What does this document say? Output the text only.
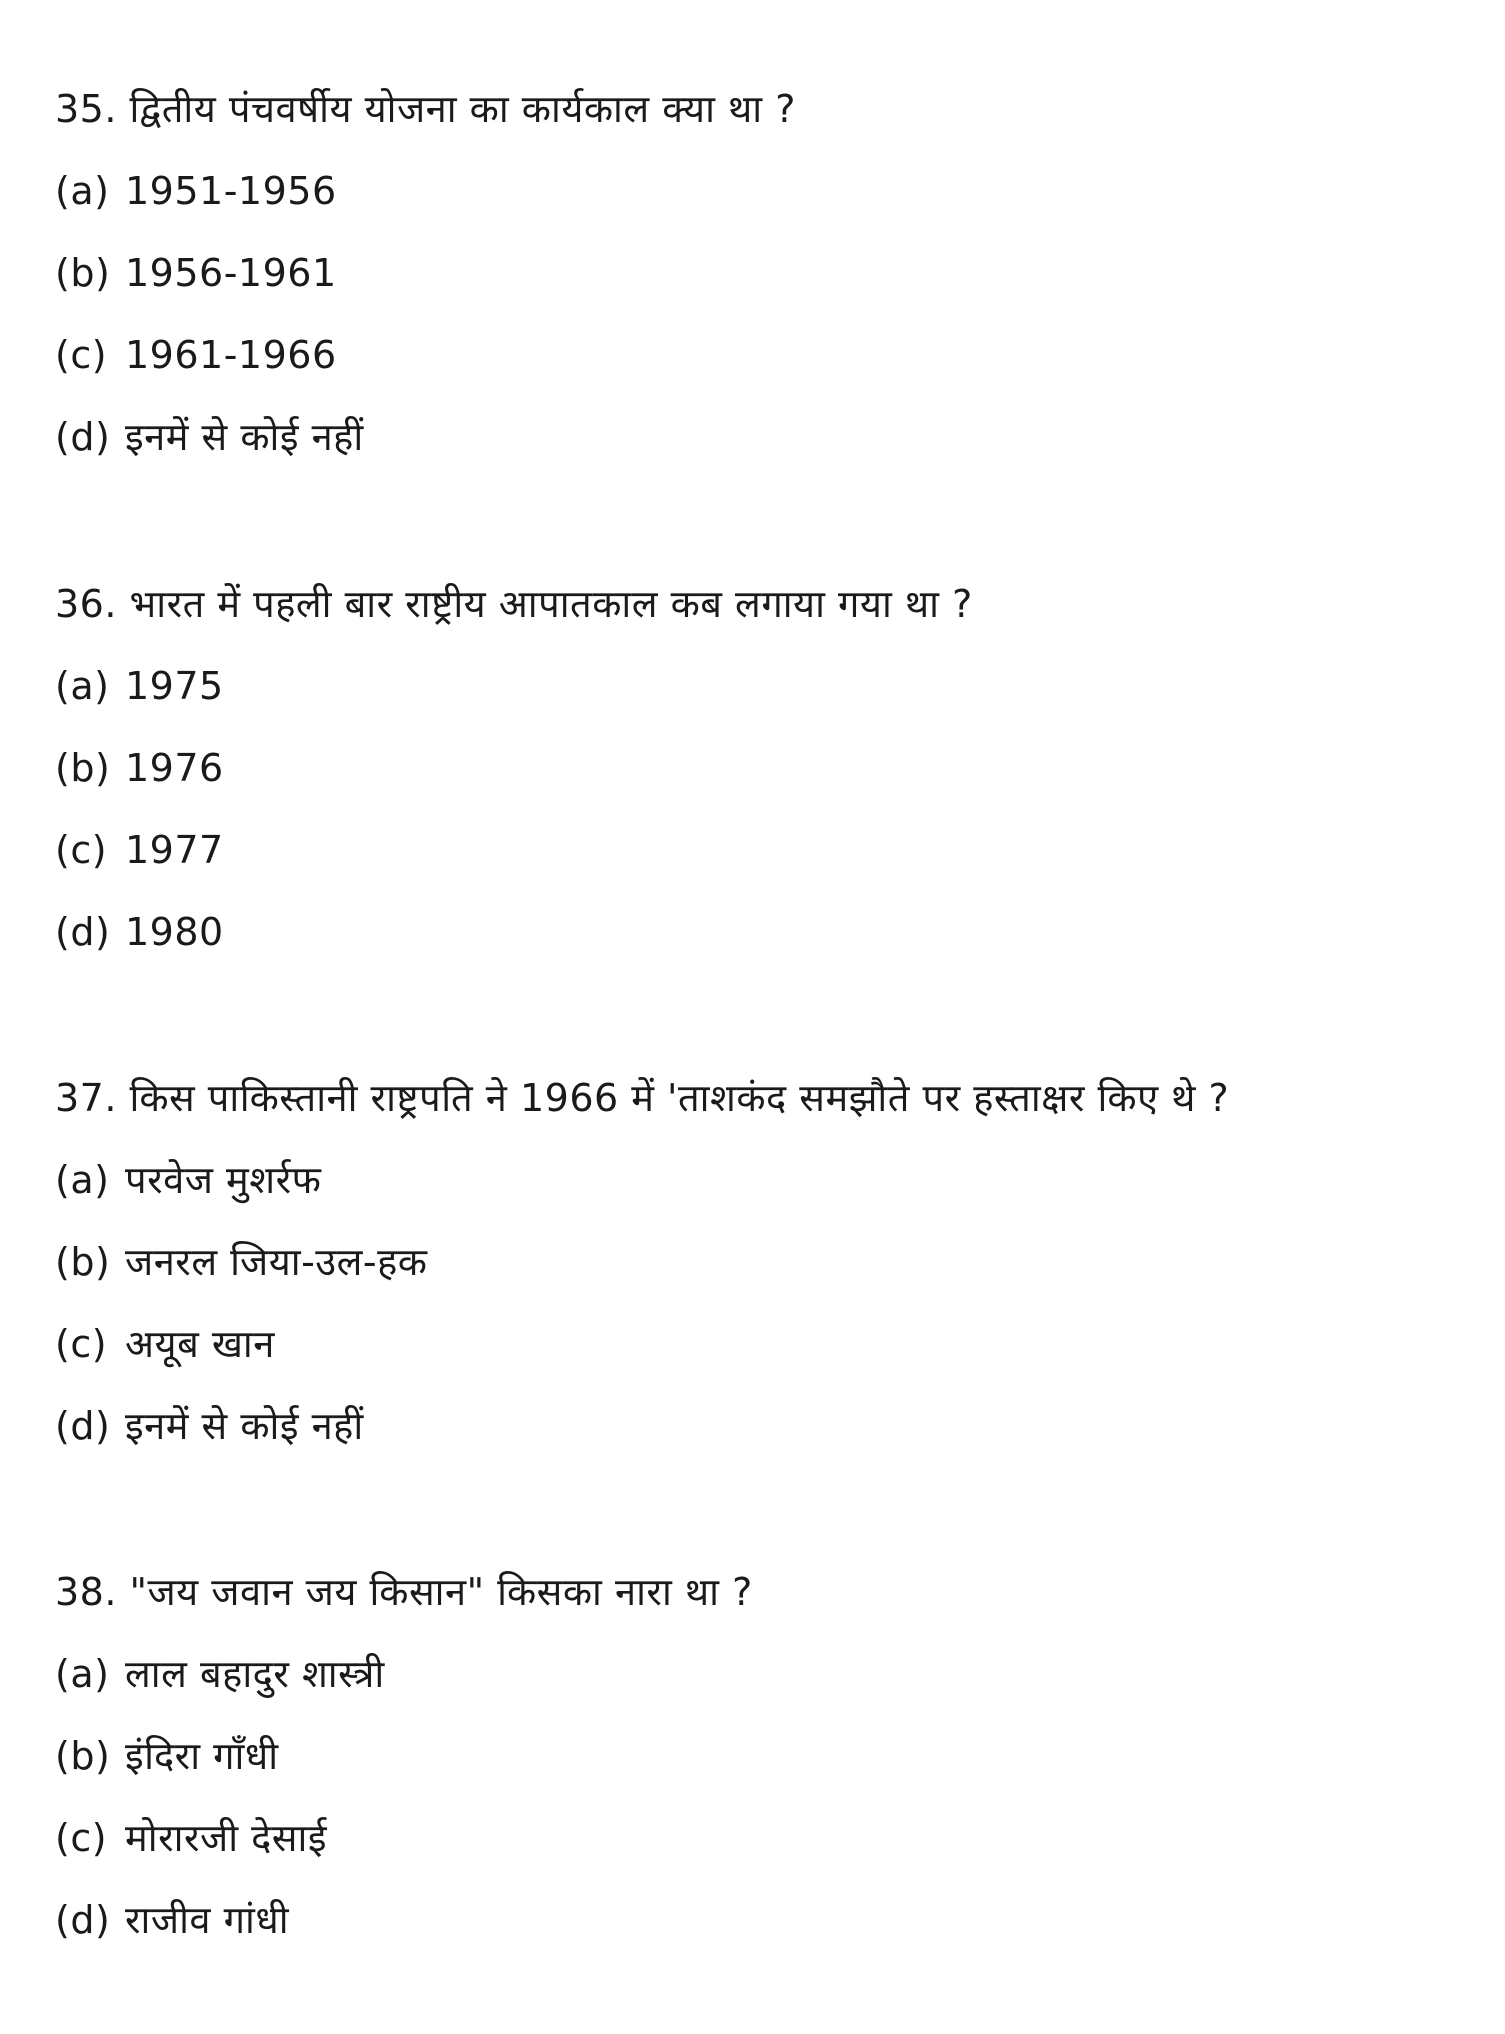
35. द्वितीय पंचवर्षीय योजना का कार्यकाल क्या था ?
(a) 1951-1956
(b) 1956-1961
(c) 1961-1966
(d) इनमें से कोई नहीं
36. भारत में पहली बार राष्ट्रीय आपातकाल कब लगाया गया था ?
(a) 1975
(b) 1976
(c) 1977
(d) 1980
37. किस पाकिस्तानी राष्ट्रपति ने 1966 में 'ताशकंद समझौते पर हस्ताक्षर किए थे ?
(a) परवेज मुशर्रफ
(b) जनरल जिया-उल-हक
(c) अयूब खान
(d) इनमें से कोई नहीं
38. "जय जवान जय किसान" किसका नारा था ?
(a) लाल बहादुर शास्त्री
(b) इंदिरा गाँधी
(c) मोरारजी देसाई
(d) राजीव गांधी
